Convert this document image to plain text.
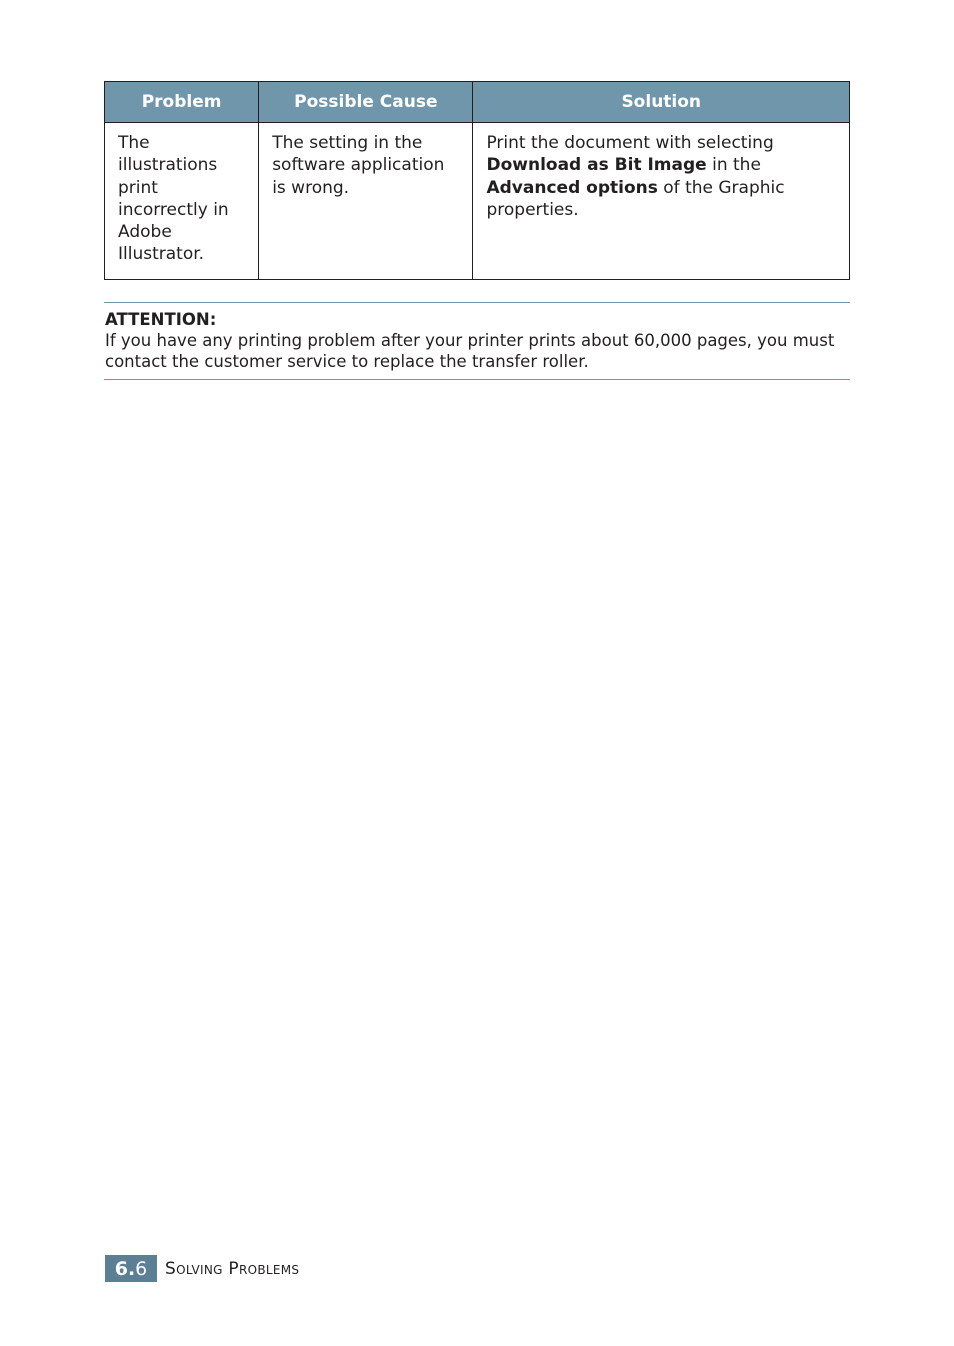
Problem	Possible Cause	Solution
The illustrations print incorrectly in Adobe Illustrator.	The setting in the software application is wrong.	Print the document with selecting Download as Bit Image in the Advanced options of the Graphic properties.
ATTENTION:
If you have any printing problem after your printer prints about 60,000 pages, you must contact the customer service to replace the transfer roller.
6. 6 Solving Problems
